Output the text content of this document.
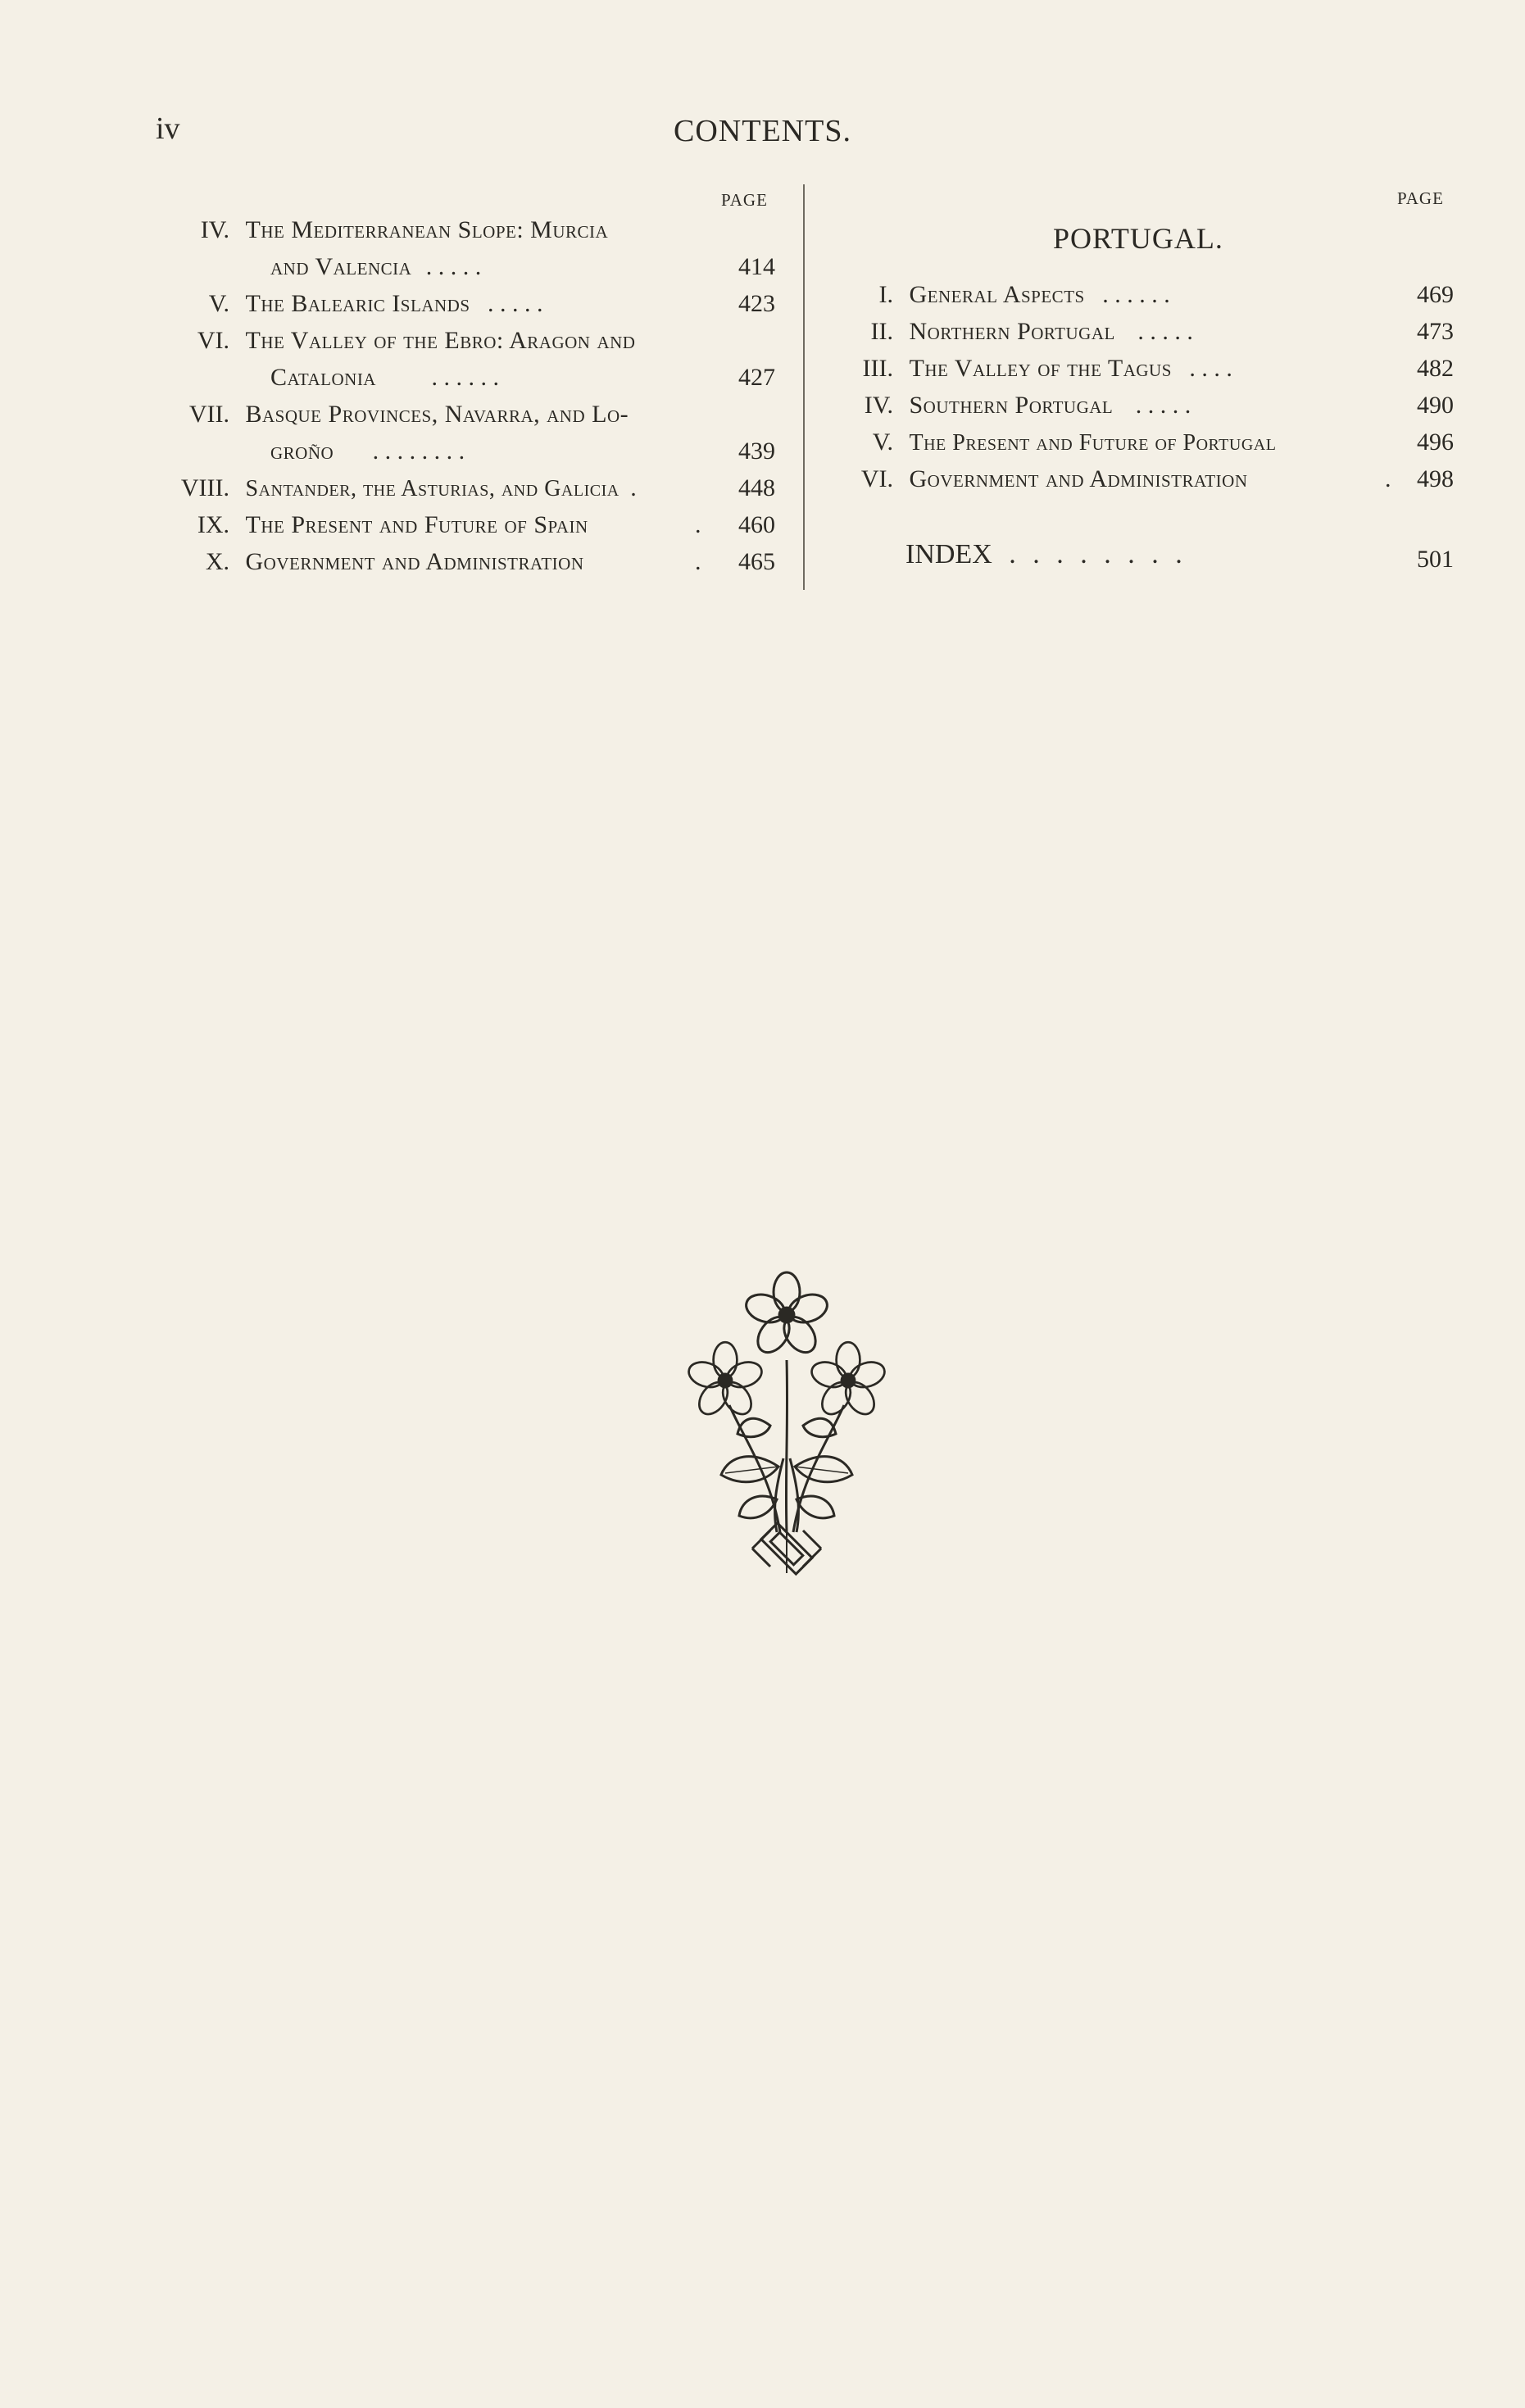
iv	CONTENTS.
PAGE
IV. The Mediterranean Slope: Murcia
and Valencia . . . . .	414
V. The Balearic Islands . . . . .	423
VI. The Valley of the Ebro: Aragon and
Catalonia . . . . . .	427
VII. Basque Provinces, Navarra, and Lo-
groño . . . . . . . .	439
VIII. Santander, the Asturias, and Galicia .	448
IX. The Present and Future of Spain	.	460
X. Government and Administration	.	465
PAGE
PORTUGAL.
I. General Aspects . . . . . .	469
II. Northern Portugal . . . . .	473
III. The Valley of the Tagus . . . .	482
IV. Southern Portugal . . . . .	490
V. The Present and Future of Portugal	496
VI. Government and Administration	.	498
INDEX . . . . . . . .	501
